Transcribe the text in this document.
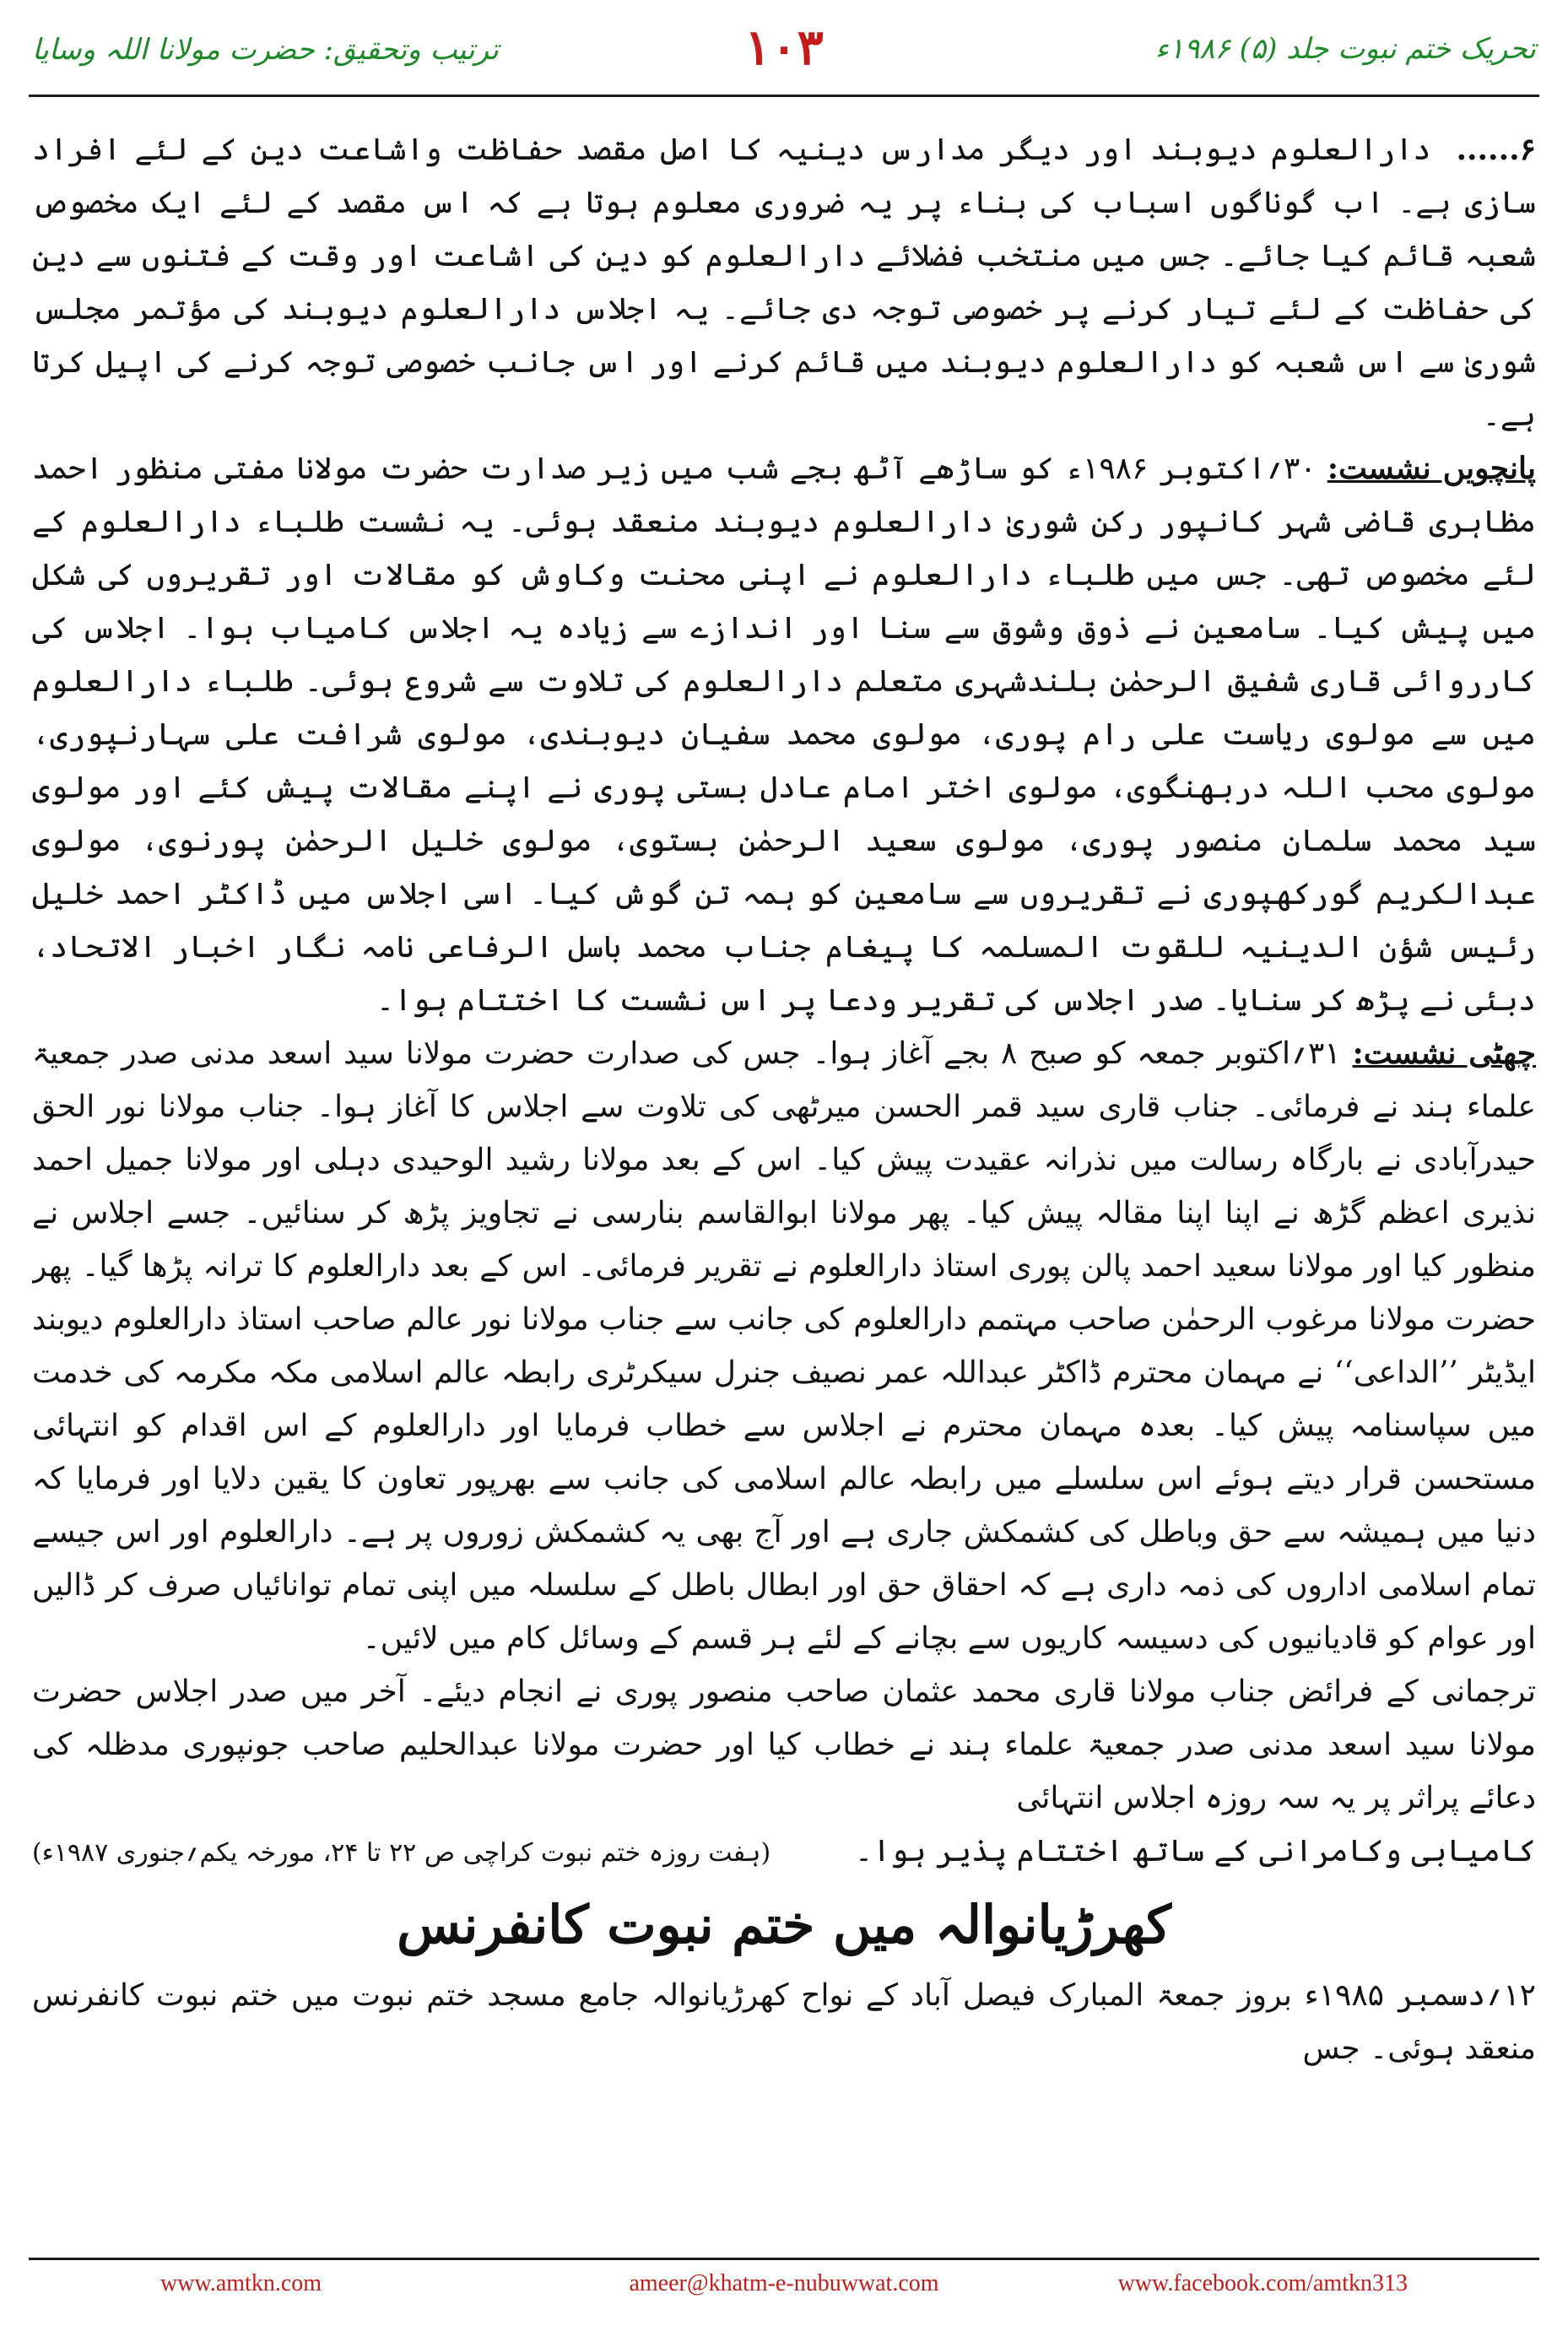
ترتیب وتحقیق: حضرت مولانا اللہ وسایا	۱۰۳	تحریک ختم نبوت جلد (۵) ۱۹۸۶ء

۶......دارالعلوم دیوبند اور دیگر مدارس دینیہ کا اصل مقصد حفاظت واشاعت دین کے لئے افراد سازی ہے۔ اب گوناگوں اسباب کی بناء پر یہ ضروری معلوم ہوتا ہے کہ اس مقصد کے لئے ایک مخصوص شعبہ قائم کیا جائے۔ جس میں منتخب فضلائے دارالعلوم کو دین کی اشاعت اور وقت کے فتنوں سے دین کی حفاظت کے لئے تیار کرنے پر خصوصی توجہ دی جائے۔ یہ اجلاس دارالعلوم دیوبند کی مؤتمر مجلس شوریٰ سے اس شعبہ کو دارالعلوم دیوبند میں قائم کرنے اور اس جانب خصوصی توجہ کرنے کی اپیل کرتا ہے۔

پانچویں نشست: ۳۰؍اکتوبر ۱۹۸۶ء کو ساڑھے آٹھ بجے شب میں زیر صدارت حضرت مولانا مفتی منظور احمد مظاہری قاضی شہر کانپور رکن شوریٰ دارالعلوم دیوبند منعقد ہوئی۔ یہ نشست طلباء دارالعلوم کے لئے مخصوص تھی۔ جس میں طلباء دارالعلوم نے اپنی محنت وکاوش کو مقالات اور تقریروں کی شکل میں پیش کیا۔ سامعین نے ذوق وشوق سے سنا اور اندازے سے زیادہ یہ اجلاس کامیاب ہوا۔ اجلاس کی کارروائی قاری شفیق الرحمٰن بلندشہری متعلم دارالعلوم کی تلاوت سے شروع ہوئی۔ طلباء دارالعلوم میں سے مولوی ریاست علی رام پوری، مولوی محمد سفیان دیوبندی، مولوی شرافت علی سہارنپوری، مولوی محب اللہ دربھنگوی، مولوی اختر امام عادل بستی پوری نے اپنے مقالات پیش کئے اور مولوی سید محمد سلمان منصور پوری، مولوی سعید الرحمٰن بستوی، مولوی خلیل الرحمٰن پورنوی، مولوی عبدالکریم گورکھپوری نے تقریروں سے سامعین کو ہمہ تن گوش کیا۔ اسی اجلاس میں ڈاکٹر احمد خلیل رئیس شؤن الدینیہ للقوت المسلمہ کا پیغام جناب محمد باسل الرفاعی نامہ نگار اخبار الاتحاد، دبئی نے پڑھ کر سنایا۔ صدر اجلاس کی تقریر ودعا پر اس نشست کا اختتام ہوا۔

چھٹی نشست: ۳۱؍اکتوبر جمعہ کو صبح ۸ بجے آغاز ہوا۔ جس کی صدارت حضرت مولانا سید اسعد مدنی صدر جمعیۃ علماء ہند نے فرمائی۔ جناب قاری سید قمر الحسن میرٹھی کی تلاوت سے اجلاس کا آغاز ہوا۔ جناب مولانا نور الحق حیدرآبادی نے بارگاہ رسالت میں نذرانہ عقیدت پیش کیا۔ اس کے بعد مولانا رشید الوحیدی دہلی اور مولانا جمیل احمد نذیری اعظم گڑھ نے اپنا اپنا مقالہ پیش کیا۔ پھر مولانا ابوالقاسم بنارسی نے تجاویز پڑھ کر سنائیں۔ جسے اجلاس نے منظور کیا اور مولانا سعید احمد پالن پوری استاذ دارالعلوم نے تقریر فرمائی۔ اس کے بعد دارالعلوم کا ترانہ پڑھا گیا۔ پھر حضرت مولانا مرغوب الرحمٰن صاحب مہتمم دارالعلوم کی جانب سے جناب مولانا نور عالم صاحب استاذ دارالعلوم دیوبند ایڈیٹر ’’الداعی‘‘ نے مہمان محترم ڈاکٹر عبداللہ عمر نصیف جنرل سیکرٹری رابطہ عالم اسلامی مکہ مکرمہ کی خدمت میں سپاسنامہ پیش کیا۔ بعدہ مہمان محترم نے اجلاس سے خطاب فرمایا اور دارالعلوم کے اس اقدام کو انتہائی مستحسن قرار دیتے ہوئے اس سلسلے میں رابطہ عالم اسلامی کی جانب سے بھرپور تعاون کا یقین دلایا اور فرمایا کہ دنیا میں ہمیشہ سے حق وباطل کی کشمکش جاری ہے اور آج بھی یہ کشمکش زوروں پر ہے۔ دارالعلوم اور اس جیسے تمام اسلامی اداروں کی ذمہ داری ہے کہ احقاق حق اور ابطال باطل کے سلسلہ میں اپنی تمام توانائیاں صرف کر ڈالیں اور عوام کو قادیانیوں کی دسیسہ کاریوں سے بچانے کے لئے ہر قسم کے وسائل کام میں لائیں۔

ترجمانی کے فرائض جناب مولانا قاری محمد عثمان صاحب منصور پوری نے انجام دیئے۔ آخر میں صدر اجلاس حضرت مولانا سید اسعد مدنی صدر جمعیۃ علماء ہند نے خطاب کیا اور حضرت مولانا عبدالحلیم صاحب جونپوری مدظلہ کی دعائے پراثر پر یہ سہ روزہ اجلاس انتہائی

کامیابی وکامرانی کے ساتھ اختتام پذیر ہوا۔
(ہفت روزہ ختم نبوت کراچی ص ۲۲ تا ۲۴، مورخہ یکم؍جنوری ۱۹۸۷ء)
کھرڑیانوالہ میں ختم نبوت کانفرنس

۱۲؍دسمبر ۱۹۸۵ء بروز جمعۃ المبارک فیصل آباد کے نواح کھرڑیانوالہ جامع مسجد ختم نبوت میں ختم نبوت کانفرنس منعقد ہوئی۔ جس

www.amtkn.com	ameer@khatm-e-nubuwwat.com	www.facebook.com/amtkn313
